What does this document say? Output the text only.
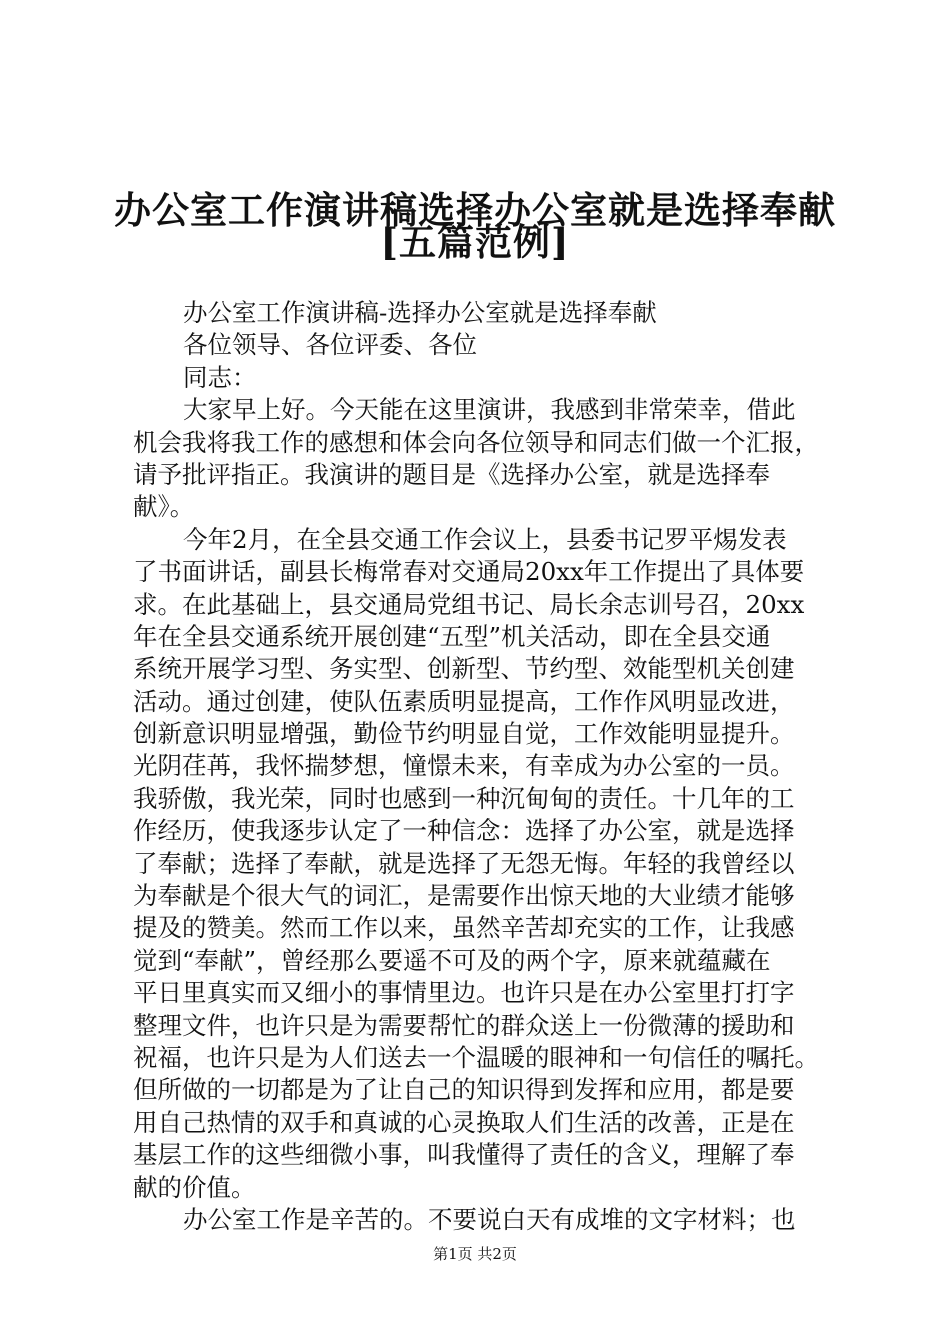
办公室工作演讲稿选择办公室就是选择奉献
[五篇范例]
办公室工作演讲稿-选择办公室就是选择奉献
各位领导、各位评委、各位
同志：
大家早上好。今天能在这里演讲，我感到非常荣幸，借此
机会我将我工作的感想和体会向各位领导和同志们做一个汇报，
请予批评指正。我演讲的题目是《选择办公室，就是选择奉
献》。
今年2月，在全县交通工作会议上，县委书记罗平焬发表
了书面讲话，副县长梅常春对交通局20xx年工作提出了具体要
求。在此基础上，县交通局党组书记、局长余志训号召，20xx
年在全县交通系统开展创建“五型”机关活动，即在全县交通
系统开展学习型、务实型、创新型、节约型、效能型机关创建
活动。通过创建，使队伍素质明显提高，工作作风明显改进，
创新意识明显增强，勤俭节约明显自觉，工作效能明显提升。
光阴荏苒，我怀揣梦想，憧憬未来，有幸成为办公室的一员。
我骄傲，我光荣，同时也感到一种沉甸甸的责任。十几年的工
作经历，使我逐步认定了一种信念：选择了办公室，就是选择
了奉献；选择了奉献，就是选择了无怨无悔。年轻的我曾经以
为奉献是个很大气的词汇，是需要作出惊天地的大业绩才能够
提及的赞美。然而工作以来，虽然辛苦却充实的工作，让我感
觉到“奉献”，曾经那么要遥不可及的两个字，原来就蕴藏在
平日里真实而又细小的事情里边。也许只是在办公室里打打字
整理文件，也许只是为需要帮忙的群众送上一份微薄的援助和
祝福，也许只是为人们送去一个温暖的眼神和一句信任的嘱托。
但所做的一切都是为了让自己的知识得到发挥和应用，都是要
用自己热情的双手和真诚的心灵换取人们生活的改善，正是在
基层工作的这些细微小事，叫我懂得了责任的含义，理解了奉
献的价值。
办公室工作是辛苦的。不要说白天有成堆的文字材料；也
第1页 共2页
